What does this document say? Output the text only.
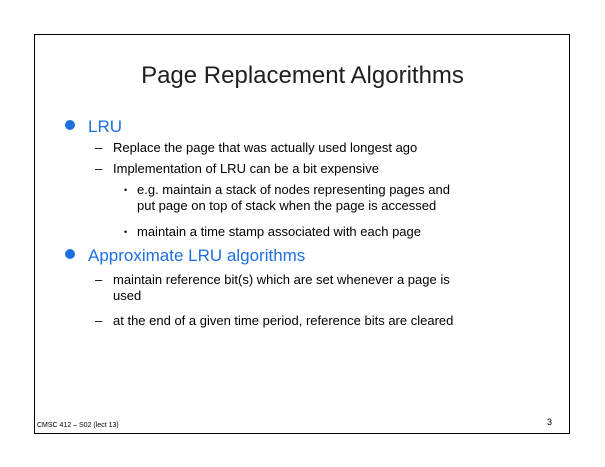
Page Replacement Algorithms
LRU
– Replace the page that was actually used longest ago
– Implementation of LRU can be a bit expensive
• e.g. maintain a stack of nodes representing pages and
put page on top of stack when the page is accessed
• maintain a time stamp associated with each page
Approximate LRU algorithms
– maintain reference bit(s) which are set whenever a page is
used
– at the end of a given time period, reference bits are cleared
CMSC 412 – S02 (lect 13)	3
